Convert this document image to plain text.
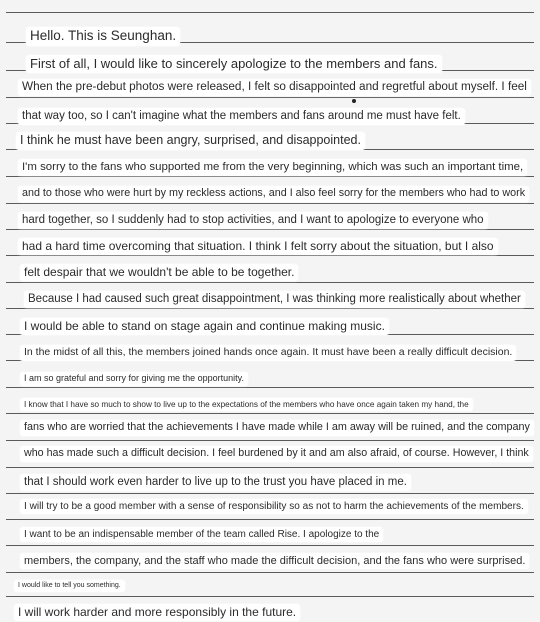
Hello. This is Seunghan.
First of all, I would like to sincerely apologize to the members and fans.
When the pre-debut photos were released, I felt so disappointed and regretful about myself. I feel
that way too, so I can't imagine what the members and fans around me must have felt.
I think he must have been angry, surprised, and disappointed.
I'm sorry to the fans who supported me from the very beginning, which was such an important time,
and to those who were hurt by my reckless actions, and I also feel sorry for the members who had to work
hard together, so I suddenly had to stop activities, and I want to apologize to everyone who
had a hard time overcoming that situation. I think I felt sorry about the situation, but I also
felt despair that we wouldn't be able to be together.
Because I had caused such great disappointment, I was thinking more realistically about whether
I would be able to stand on stage again and continue making music.
In the midst of all this, the members joined hands once again. It must have been a really difficult decision.
I am so grateful and sorry for giving me the opportunity.
I know that I have so much to show to live up to the expectations of the members who have once again taken my hand, the
fans who are worried that the achievements I have made while I am away will be ruined, and the company
who has made such a difficult decision. I feel burdened by it and am also afraid, of course. However, I think
that I should work even harder to live up to the trust you have placed in me.
I will try to be a good member with a sense of responsibility so as not to harm the achievements of the members.
I want to be an indispensable member of the team called Rise. I apologize to the
members, the company, and the staff who made the difficult decision, and the fans who were surprised.
I would like to tell you something.
I will work harder and more responsibly in the future.
